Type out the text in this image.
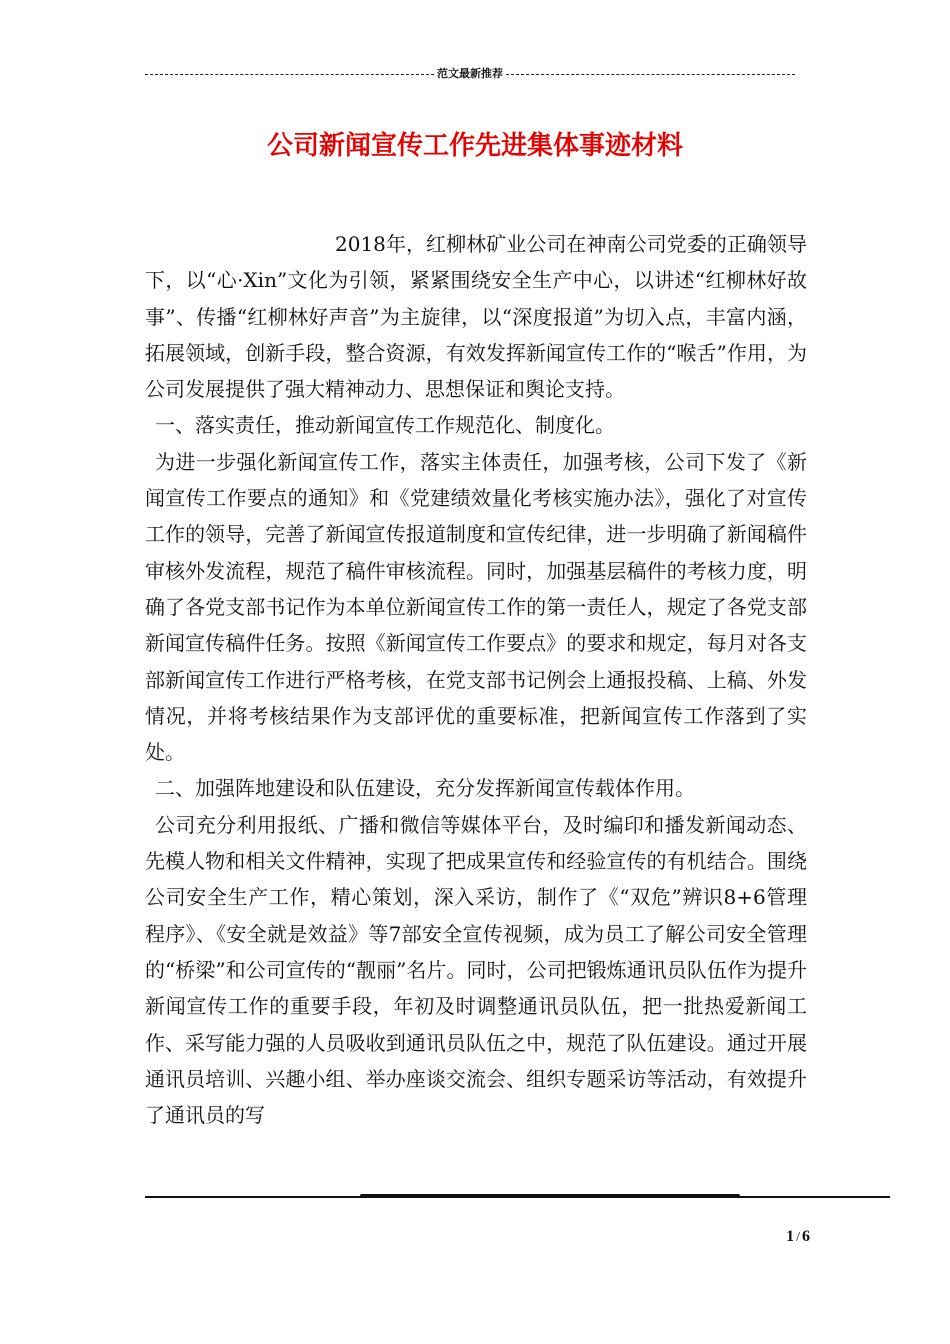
范文最新推荐
公司新闻宣传工作先进集体事迹材料

2018年，红柳林矿业公司在神南公司党委的正确领导下，以“心·Xin”文化为引领，紧紧围绕安全生产中心，以讲述“红柳林好故事”、传播“红柳林好声音”为主旋律，以“深度报道”为切入点，丰富内涵，拓展领域，创新手段，整合资源，有效发挥新闻宣传工作的“喉舌”作用，为公司发展提供了强大精神动力、思想保证和舆论支持。

一、落实责任，推动新闻宣传工作规范化、制度化。

为进一步强化新闻宣传工作，落实主体责任，加强考核，公司下发了《新闻宣传工作要点的通知》和《党建绩效量化考核实施办法》，强化了对宣传工作的领导，完善了新闻宣传报道制度和宣传纪律，进一步明确了新闻稿件审核外发流程，规范了稿件审核流程。同时，加强基层稿件的考核力度，明确了各党支部书记作为本单位新闻宣传工作的第一责任人，规定了各党支部新闻宣传稿件任务。按照《新闻宣传工作要点》的要求和规定，每月对各支部新闻宣传工作进行严格考核，在党支部书记例会上通报投稿、上稿、外发情况，并将考核结果作为支部评优的重要标准，把新闻宣传工作落到了实处。

二、加强阵地建设和队伍建设，充分发挥新闻宣传载体作用。

公司充分利用报纸、广播和微信等媒体平台，及时编印和播发新闻动态、先模人物和相关文件精神，实现了把成果宣传和经验宣传的有机结合。围绕公司安全生产工作，精心策划，深入采访，制作了《“双危”辨识8+6管理程序》、《安全就是效益》等7部安全宣传视频，成为员工了解公司安全管理的“桥梁”和公司宣传的“靓丽”名片。同时，公司把锻炼通讯员队伍作为提升新闻宣传工作的重要手段，年初及时调整通讯员队伍，把一批热爱新闻工作、采写能力强的人员吸收到通讯员队伍之中，规范了队伍建设。通过开展通讯员培训、兴趣小组、举办座谈交流会、组织专题采访等活动，有效提升了通讯员的写

1 / 6
